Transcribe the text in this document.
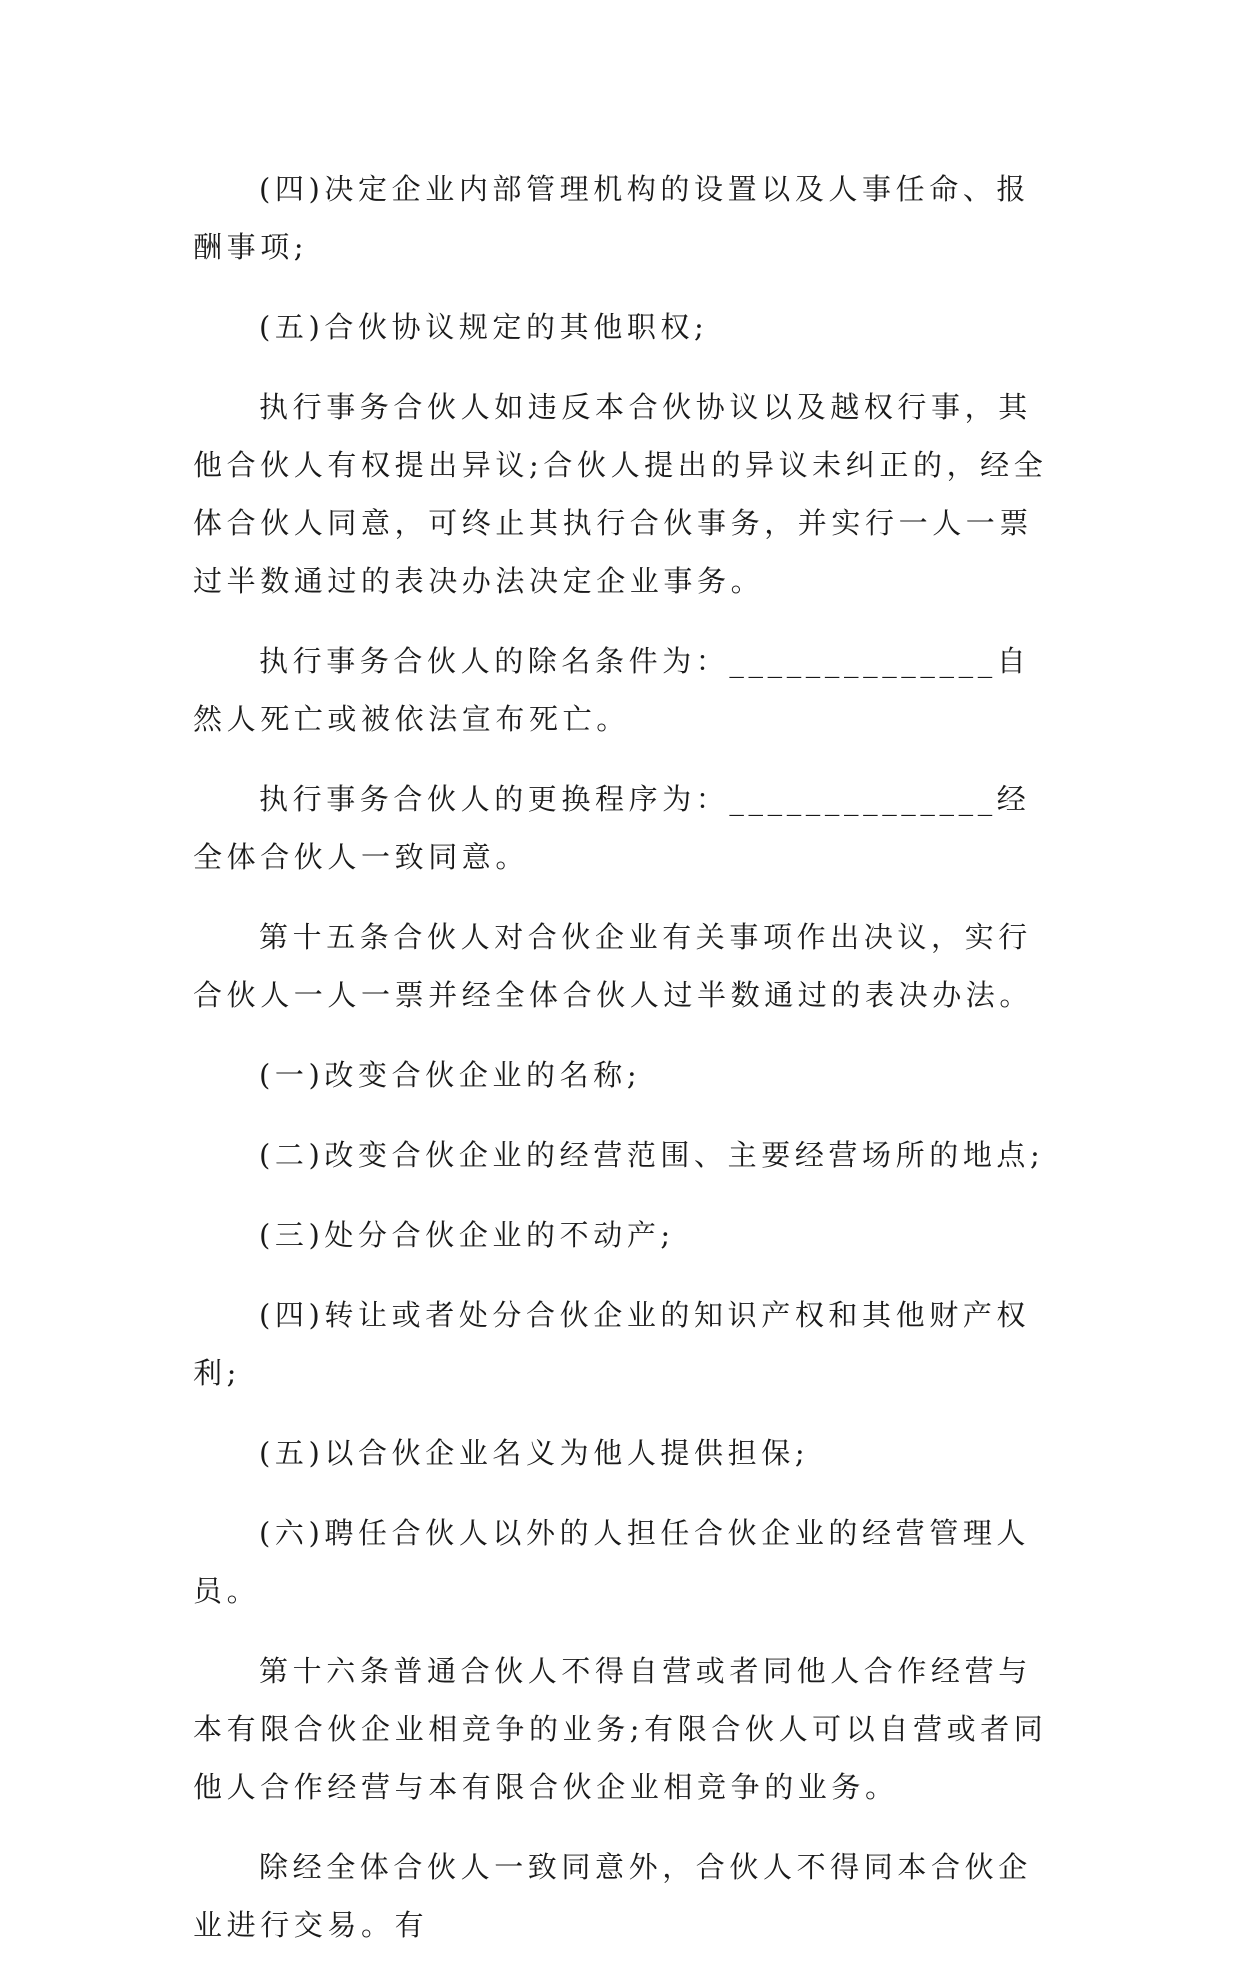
(四)决定企业内部管理机构的设置以及人事任命、报酬事项;

(五)合伙协议规定的其他职权;

执行事务合伙人如违反本合伙协议以及越权行事，其他合伙人有权提出异议;合伙人提出的异议未纠正的，经全体合伙人同意，可终止其执行合伙事务，并实行一人一票过半数通过的表决办法决定企业事务。

执行事务合伙人的除名条件为：______________自然人死亡或被依法宣布死亡。

执行事务合伙人的更换程序为：______________经全体合伙人一致同意。

第十五条合伙人对合伙企业有关事项作出决议，实行合伙人一人一票并经全体合伙人过半数通过的表决办法。

(一)改变合伙企业的名称;

(二)改变合伙企业的经营范围、主要经营场所的地点;

(三)处分合伙企业的不动产;

(四)转让或者处分合伙企业的知识产权和其他财产权利;

(五)以合伙企业名义为他人提供担保;

(六)聘任合伙人以外的人担任合伙企业的经营管理人员。

第十六条普通合伙人不得自营或者同他人合作经营与本有限合伙企业相竞争的业务;有限合伙人可以自营或者同他人合作经营与本有限合伙企业相竞争的业务。

除经全体合伙人一致同意外，合伙人不得同本合伙企业进行交易。有
